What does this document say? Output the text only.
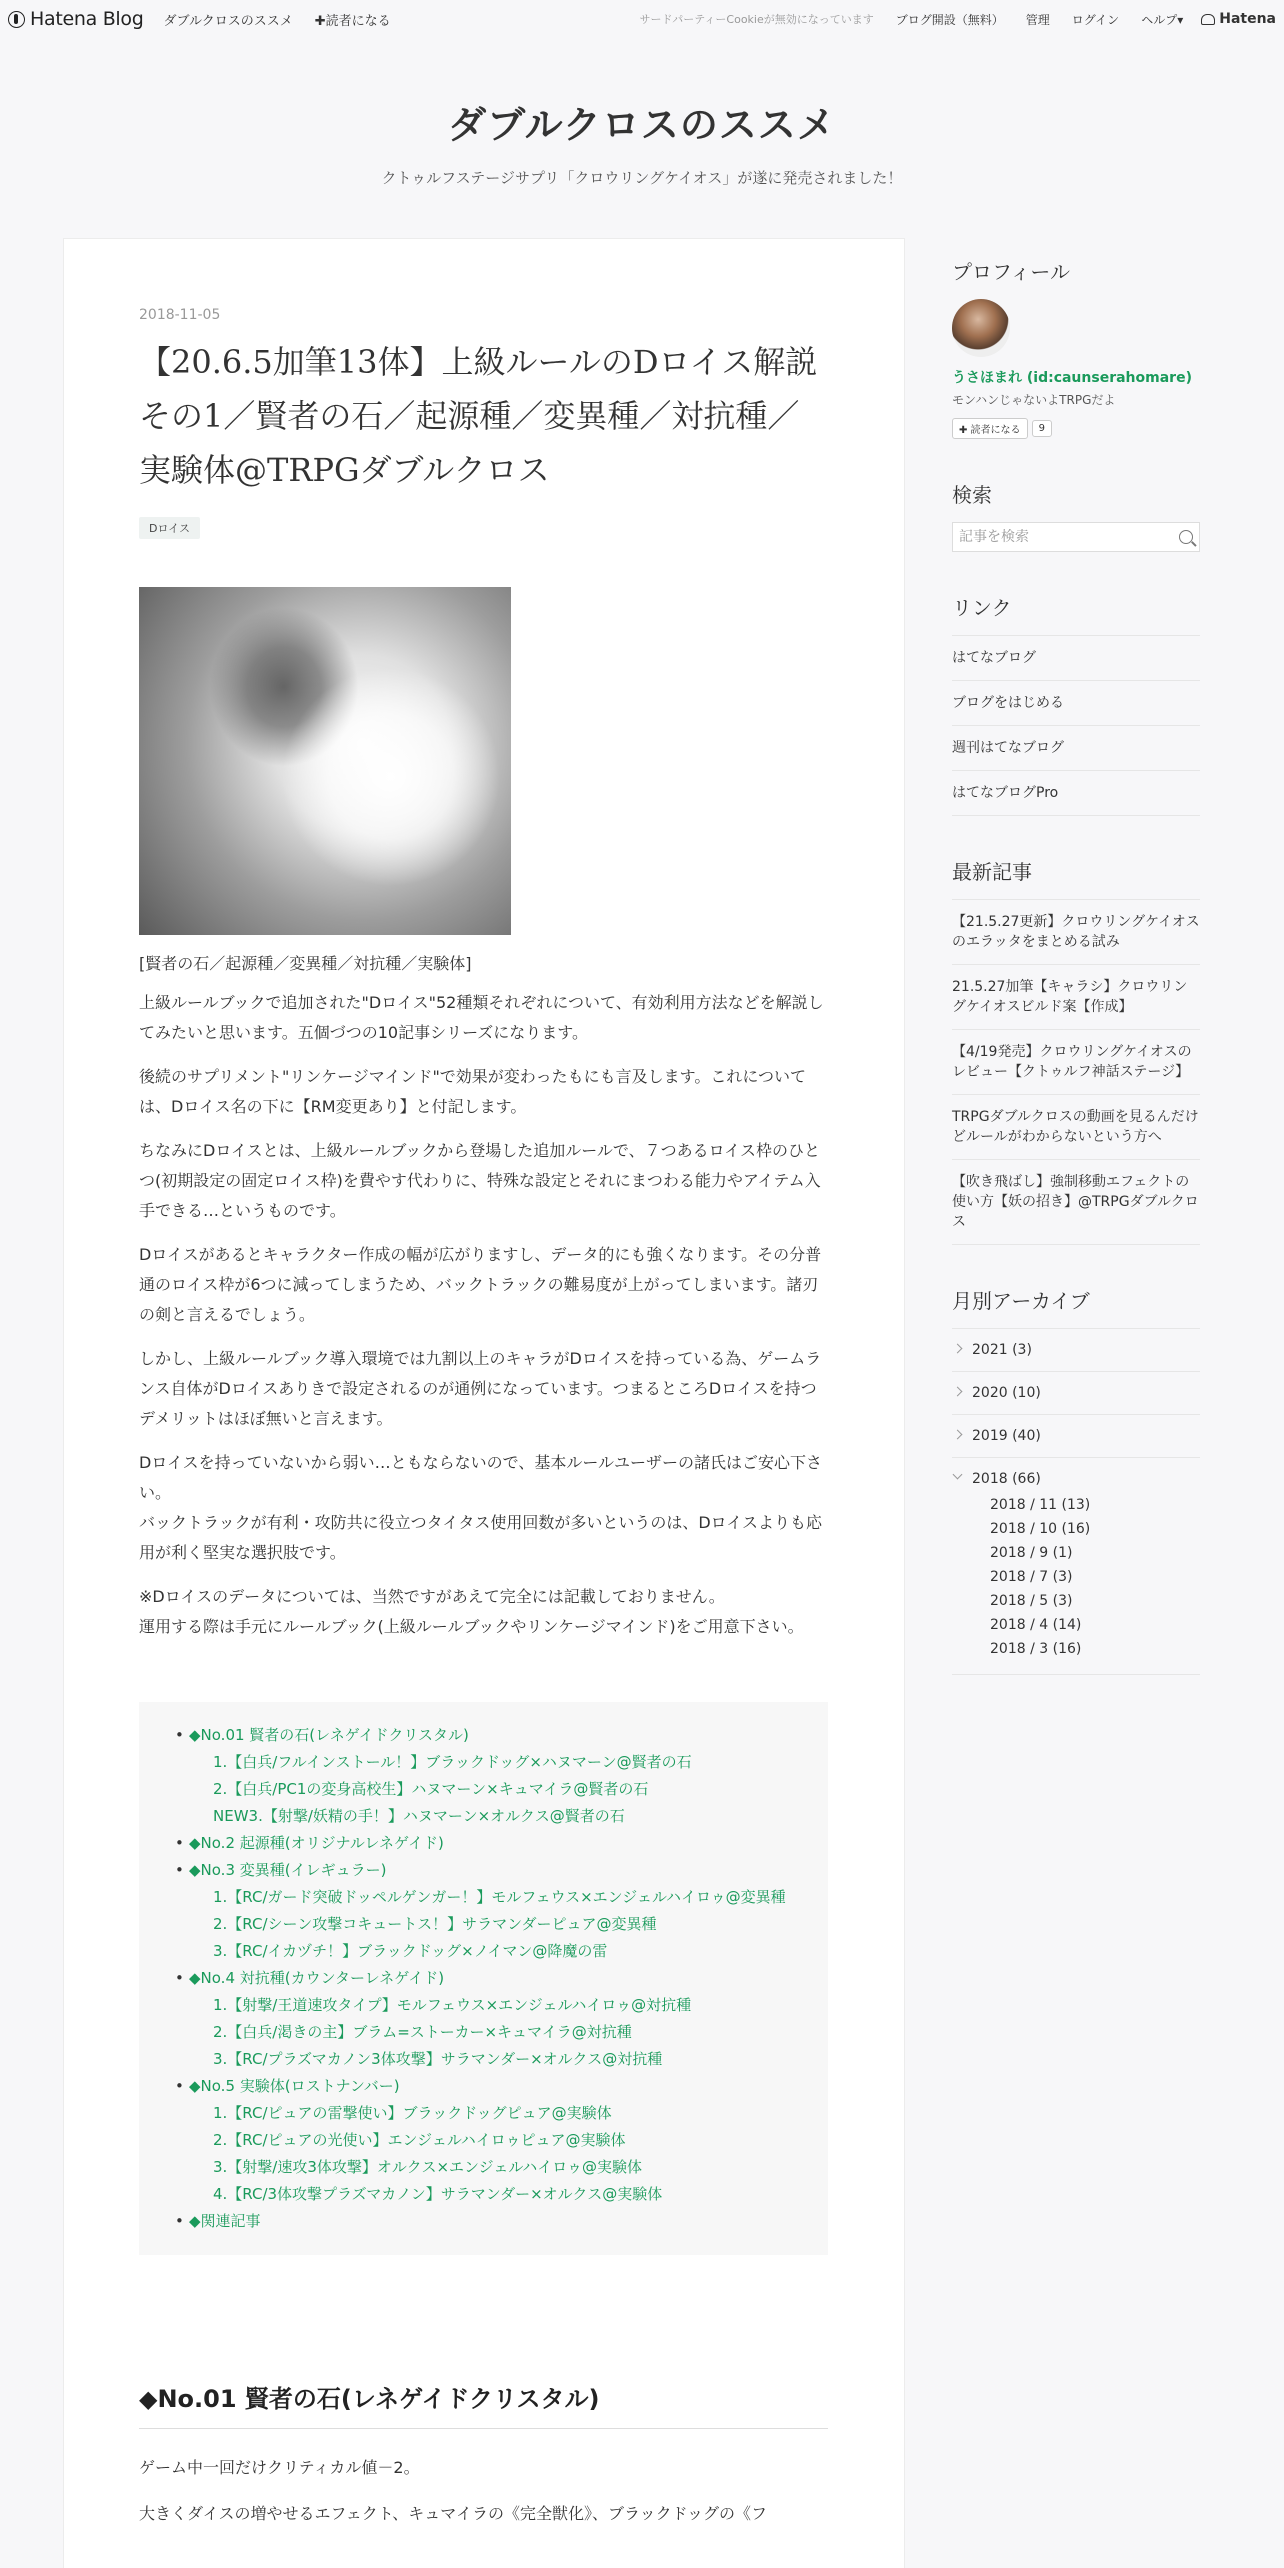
Hatena Blog ダブルクロスのススメ ✚読者になる	サードパーティーCookieが無効になっています ブログ開設（無料） 管理 ログイン ヘルプ▾	Hatena
ダブルクロスのススメ

クトゥルフステージサプリ「クロウリングケイオス」が遂に発売されました！

2018-11-05
【20.6.5加筆13体】上級ルールのDロイス解説その1／賢者の石／起源種／変異種／対抗種／実験体@TRPGダブルクロス
Dロイス

[賢者の石／起源種／変異種／対抗種／実験体]

上級ルールブックで追加された"Dロイス"52種類それぞれについて、有効利用方法などを解説してみたいと思います。五個づつの10記事シリーズになります。

後続のサプリメント"リンケージマインド"で効果が変わったもにも言及します。これについては、Dロイス名の下に【RM変更あり】と付記します。

ちなみにDロイスとは、上級ルールブックから登場した追加ルールで、７つあるロイス枠のひとつ(初期設定の固定ロイス枠)を費やす代わりに、特殊な設定とそれにまつわる能力やアイテム入手できる…というものです。

Dロイスがあるとキャラクター作成の幅が広がりますし、データ的にも強くなります。その分普通のロイス枠が6つに減ってしまうため、バックトラックの難易度が上がってしまいます。諸刃の剣と言えるでしょう。

しかし、上級ルールブック導入環境では九割以上のキャラがDロイスを持っている為、ゲームランス自体がDロイスありきで設定されるのが通例になっています。つまるところDロイスを持つデメリットはほぼ無いと言えます。

Dロイスを持っていないから弱い…ともならないので、基本ルールユーザーの諸氏はご安心下さい。
バックトラックが有利・攻防共に役立つタイタス使用回数が多いというのは、Dロイスよりも応用が利く堅実な選択肢です。

※Dロイスのデータについては、当然ですがあえて完全には記載しておりません。
運用する際は手元にルールブック(上級ルールブックやリンケージマインド)をご用意下さい。

• ◆No.01 賢者の石(レネゲイドクリスタル)
1.【白兵/フルインストール！】ブラックドッグ×ハヌマーン@賢者の石
2.【白兵/PC1の変身高校生】ハヌマーン×キュマイラ@賢者の石
NEW3.【射撃/妖精の手！】ハヌマーン×オルクス@賢者の石
• ◆No.2 起源種(オリジナルレネゲイド)
• ◆No.3 変異種(イレギュラー)
1.【RC/ガード突破ドッペルゲンガー！】モルフェウス×エンジェルハイロゥ@変異種
2.【RC/シーン攻撃コキュートス！】サラマンダーピュア@変異種
3.【RC/イカヅチ！】ブラックドッグ×ノイマン@降魔の雷
• ◆No.4 対抗種(カウンターレネゲイド)
1.【射撃/王道速攻タイプ】モルフェウス×エンジェルハイロゥ@対抗種
2.【白兵/渇きの主】ブラム=ストーカー×キュマイラ@対抗種
3.【RC/プラズマカノン3体攻撃】サラマンダー×オルクス@対抗種
• ◆No.5 実験体(ロストナンバー)
1.【RC/ピュアの雷撃使い】ブラックドッグピュア@実験体
2.【RC/ピュアの光使い】エンジェルハイロゥピュア@実験体
3.【射撃/速攻3体攻撃】オルクス×エンジェルハイロゥ@実験体
4.【RC/3体攻撃プラズマカノン】サラマンダー×オルクス@実験体
• ◆関連記事
◆No.01 賢者の石(レネゲイドクリスタル)

ゲーム中一回だけクリティカル値－2。

大きくダイスの増やせるエフェクト、キュマイラの《完全獣化》、ブラックドッグの《フ

プロフィール
うさほまれ (id:caunserahomare)
モンハンじゃないよTRPGだよ
✚ 読者になる	9
検索
記事を検索
リンク
はてなブログ
ブログをはじめる
週刊はてなブログ
はてなブログPro
最新記事
【21.5.27更新】クロウリングケイオスのエラッタをまとめる試み
21.5.27加筆【キャラシ】クロウリングケイオスビルド案【作成】
【4/19発売】クロウリングケイオスのレビュー【クトゥルフ神話ステージ】
TRPGダブルクロスの動画を見るんだけどルールがわからないという方へ
【吹き飛ばし】強制移動エフェクトの使い方【妖の招き】@TRPGダブルクロス
月別アーカイブ
2021 (3)
2020 (10)
2019 (40)
2018 (66)
2018 / 11 (13)
2018 / 10 (16)
2018 / 9 (1)
2018 / 7 (3)
2018 / 5 (3)
2018 / 4 (14)
2018 / 3 (16)
